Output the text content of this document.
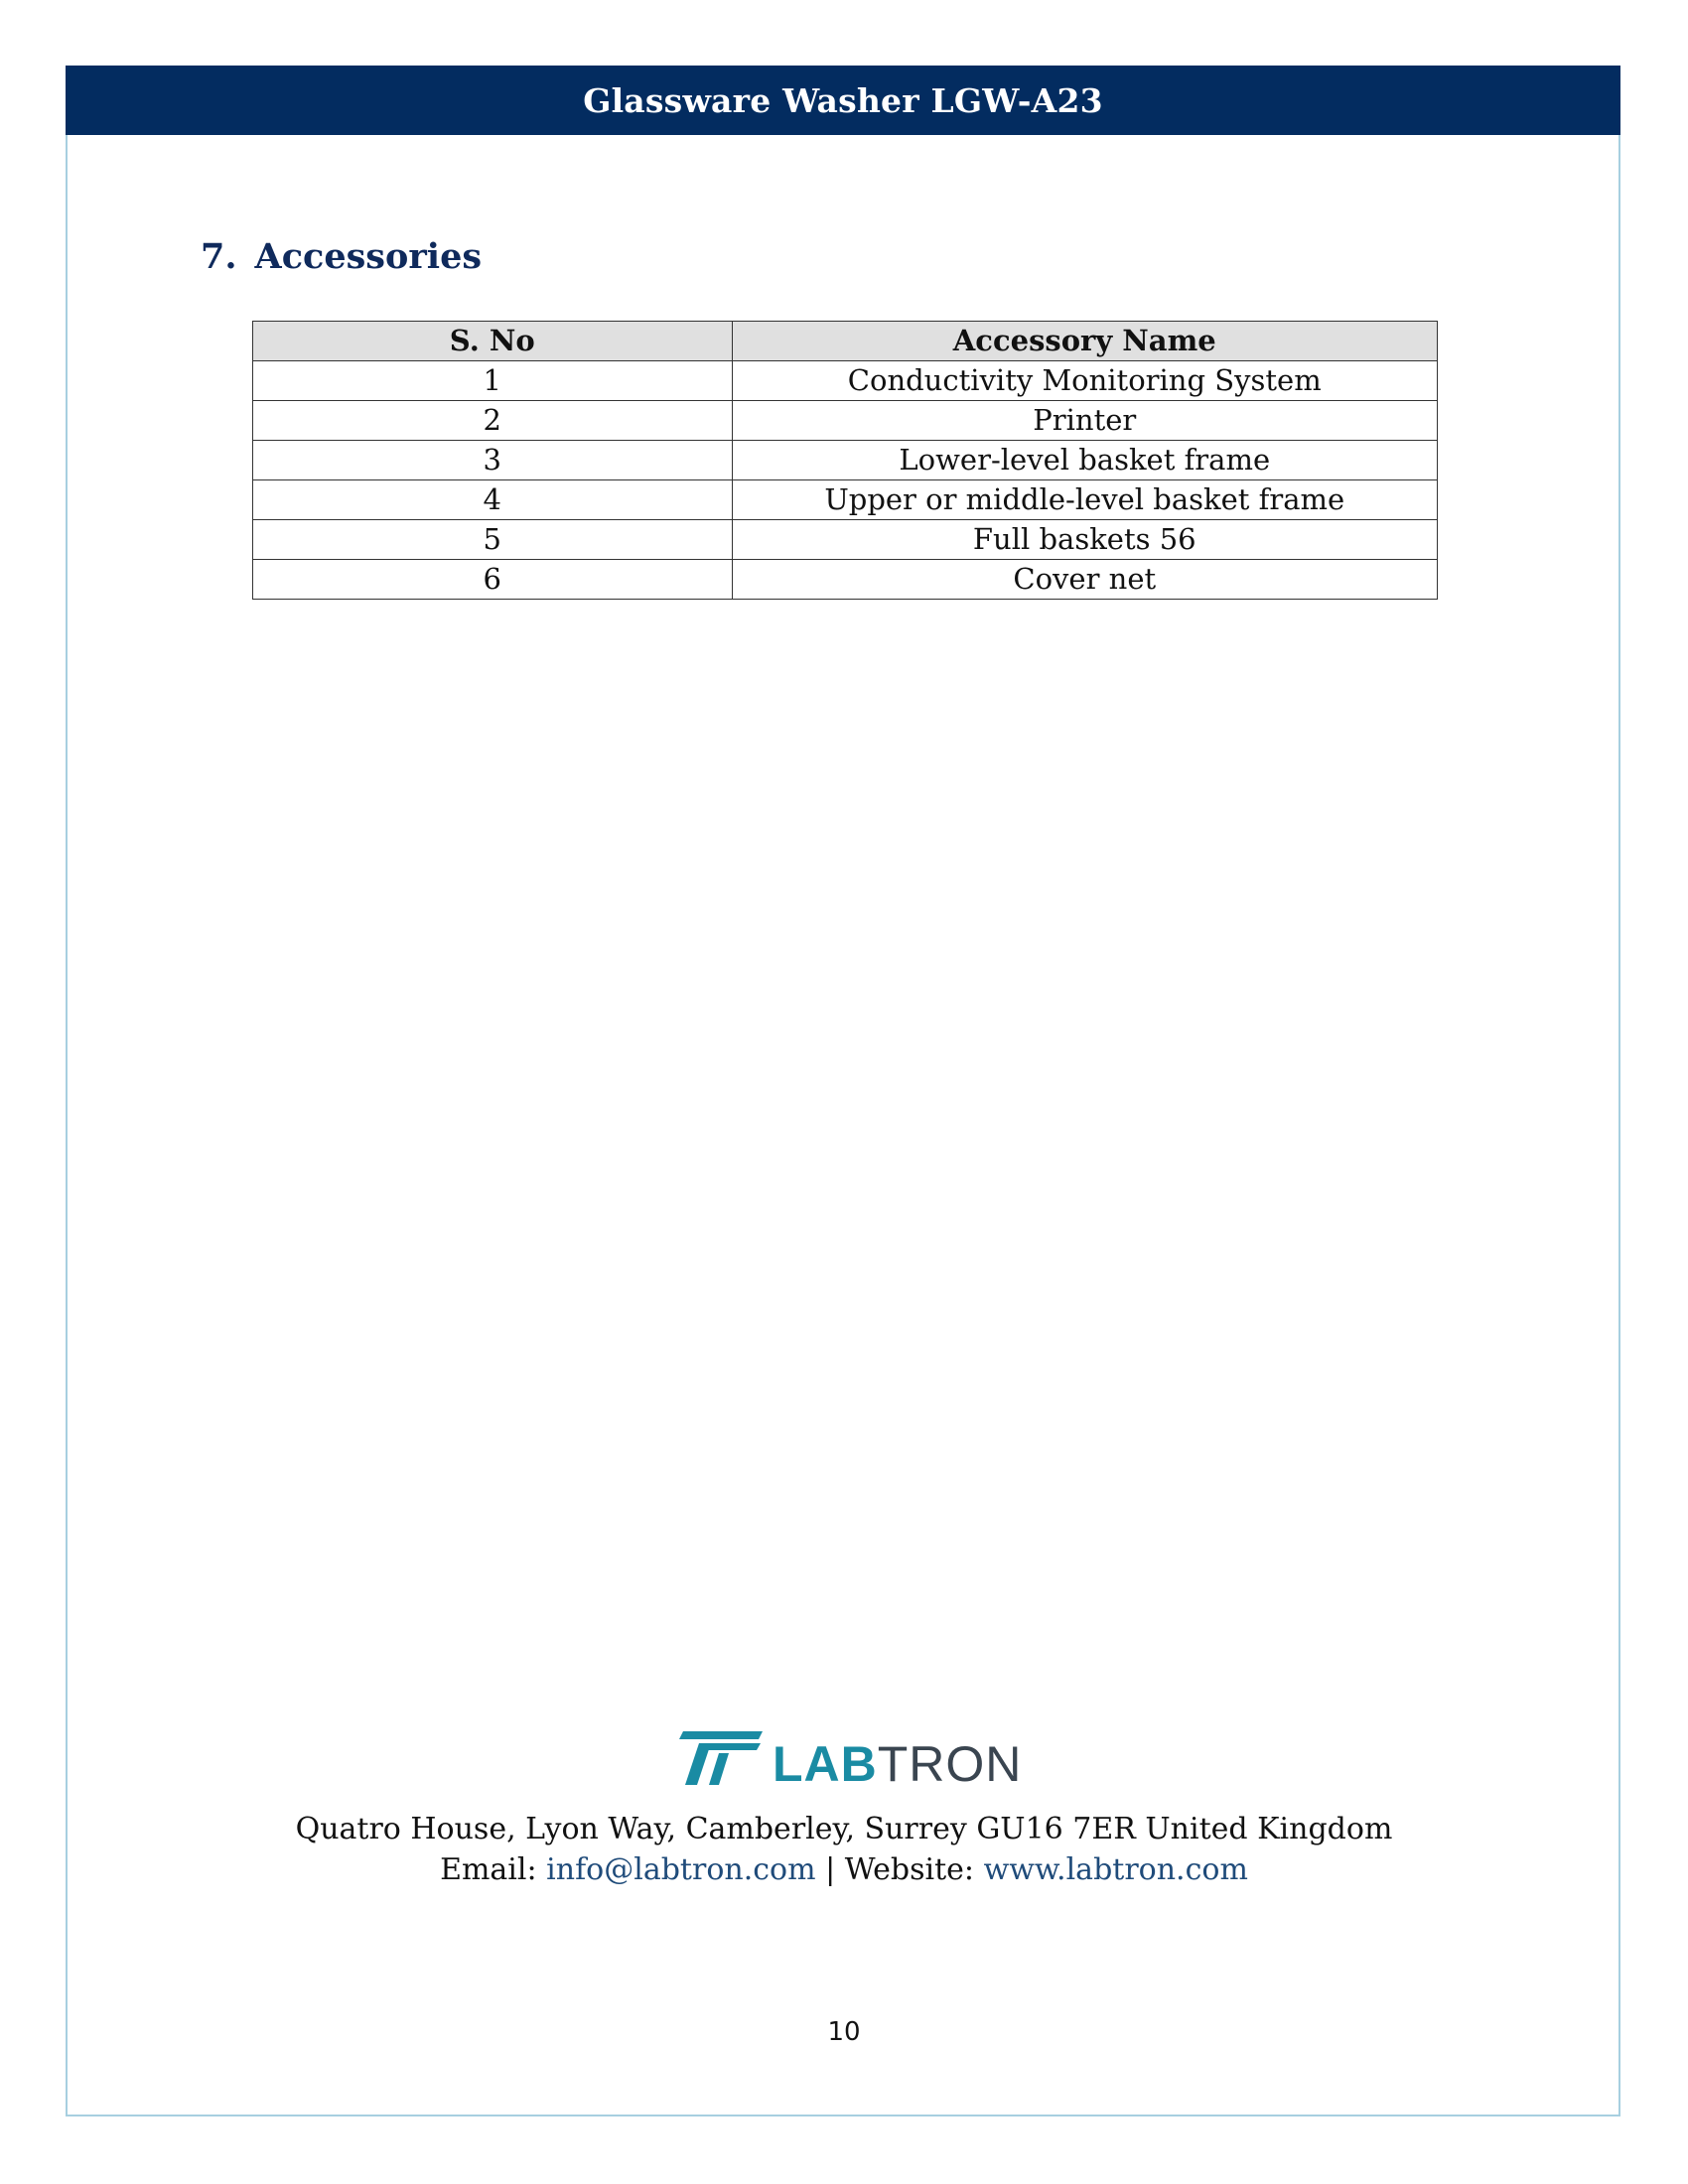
Glassware Washer LGW-A23
7. Accessories
S. No	Accessory Name
1	Conductivity Monitoring System
2	Printer
3	Lower-level basket frame
4	Upper or middle-level basket frame
5	Full baskets 56
6	Cover net
LABTRON
Quatro House, Lyon Way, Camberley, Surrey GU16 7ER United Kingdom
Email: info@labtron.com | Website: www.labtron.com
10
